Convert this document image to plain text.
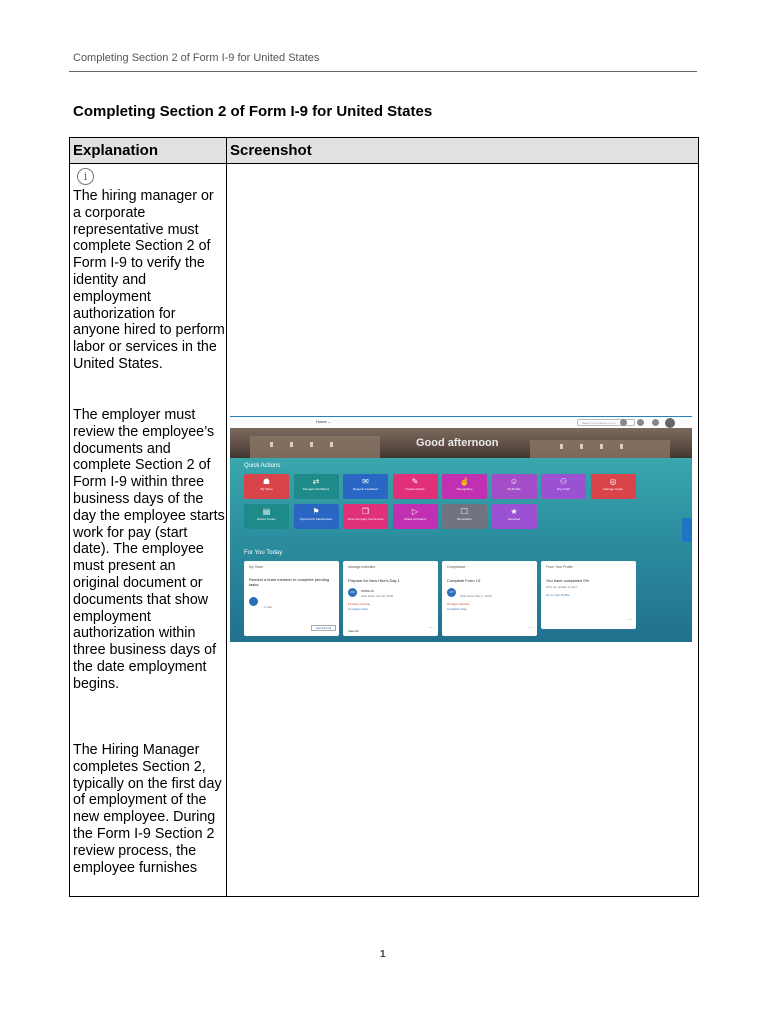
Completing Section 2 of Form I-9 for United States
Completing Section 2 of Form I-9 for United States
Explanation	Screenshot
i

The hiring manager or a corporate representative must complete Section 2 of Form I-9 to verify the identity and employment authorization for anyone hired to perform labor or services in the United States.

The employer must review the employee’s documents and complete Section 2 of Form I-9 within three business days of the day the employee starts work for pay (start date). The employee must present an original document or documents that show employment authorization within three business days of the date employment begins.

The Hiring Manager completes Section 2, typically on the first day of employment of the new employee. During the Form I-9 Section 2 review process, the employee furnishes

Home ⌄	Search for actions or peo
Good afternoon
Quick Actions
☗
My Team
⇄
Delegate Workflows
✉
Request Feedback
✎
Create Activity
☝
Recognition
☺
My Profile
⚇
Org Chart
◎
Manage Goals
▤
Report Center
⚑
Opportunity Marketplace
❐
View Company Documents
▷
Initiate Activation
☐
Reminders
★
Favorites
For You Today
My Team
Remind a team member to complete pending tasks.
1 task
Send Email
Manage Activities
Prepare for New Hire's Day 1
OU	OPI8LUS
Start Date: Apr 30, 2022
18 days overdue
Complete Now
View All	···
Compliance
Complete Form I-9
OT
Start Date: May 1, 2022
18 days overdue
Complete Now
···
From Your Profile
You have completed 0%
Why not update it now?
Go to Your Profile
···
1
